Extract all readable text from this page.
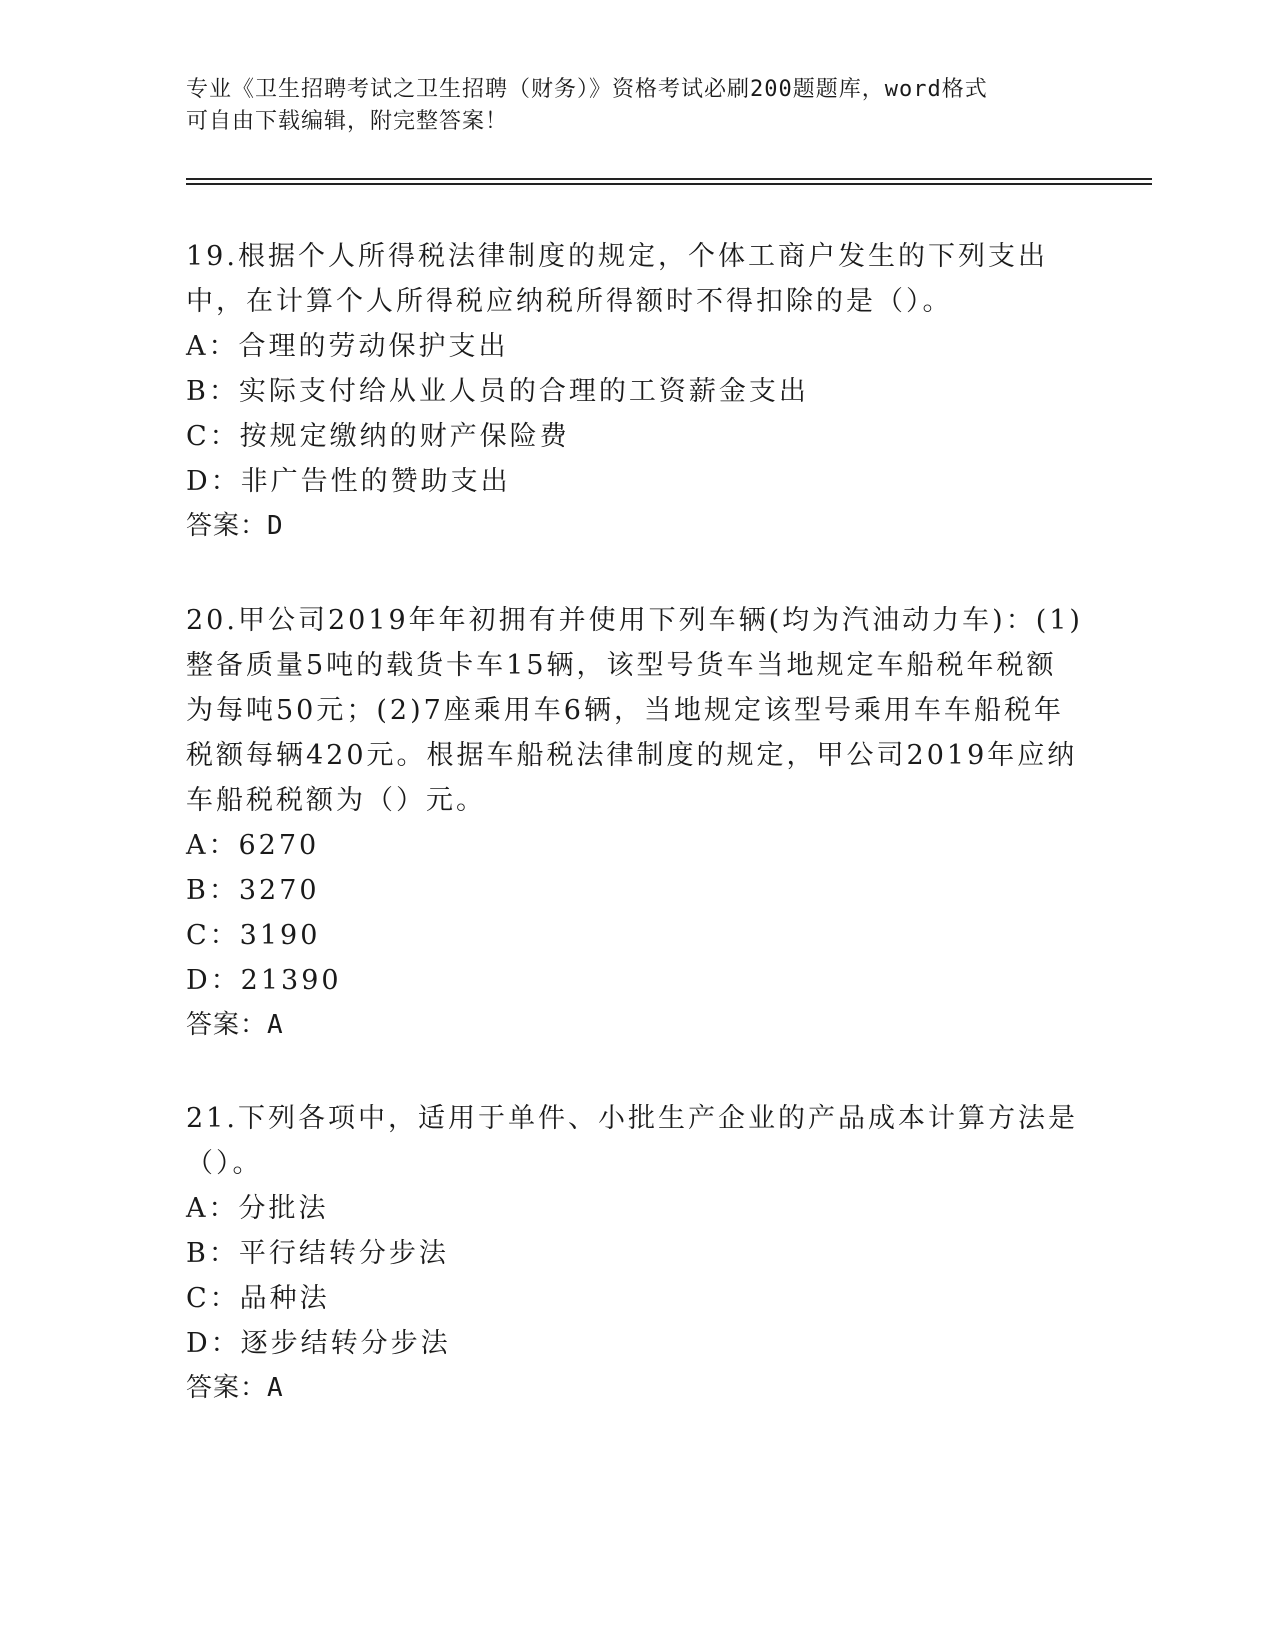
专业《卫生招聘考试之卫生招聘（财务）》资格考试必刷200题题库，word格式
可自由下载编辑，附完整答案！

19.根据个人所得税法律制度的规定，个体工商户发生的下列支出中，在计算个人所得税应纳税所得额时不得扣除的是（）。

A：合理的劳动保护支出

B：实际支付给从业人员的合理的工资薪金支出

C：按规定缴纳的财产保险费

D：非广告性的赞助支出

答案：D

20.甲公司2019年年初拥有并使用下列车辆(均为汽油动力车)：(1)整备质量5吨的载货卡车15辆，该型号货车当地规定车船税年税额为每吨50元；(2)7座乘用车6辆，当地规定该型号乘用车车船税年税额每辆420元。根据车船税法律制度的规定，甲公司2019年应纳车船税税额为（）元。

A：6270

B：3270

C：3190

D：21390

答案：A

21.下列各项中，适用于单件、小批生产企业的产品成本计算方法是（）。

A：分批法

B：平行结转分步法

C：品种法

D：逐步结转分步法

答案：A
